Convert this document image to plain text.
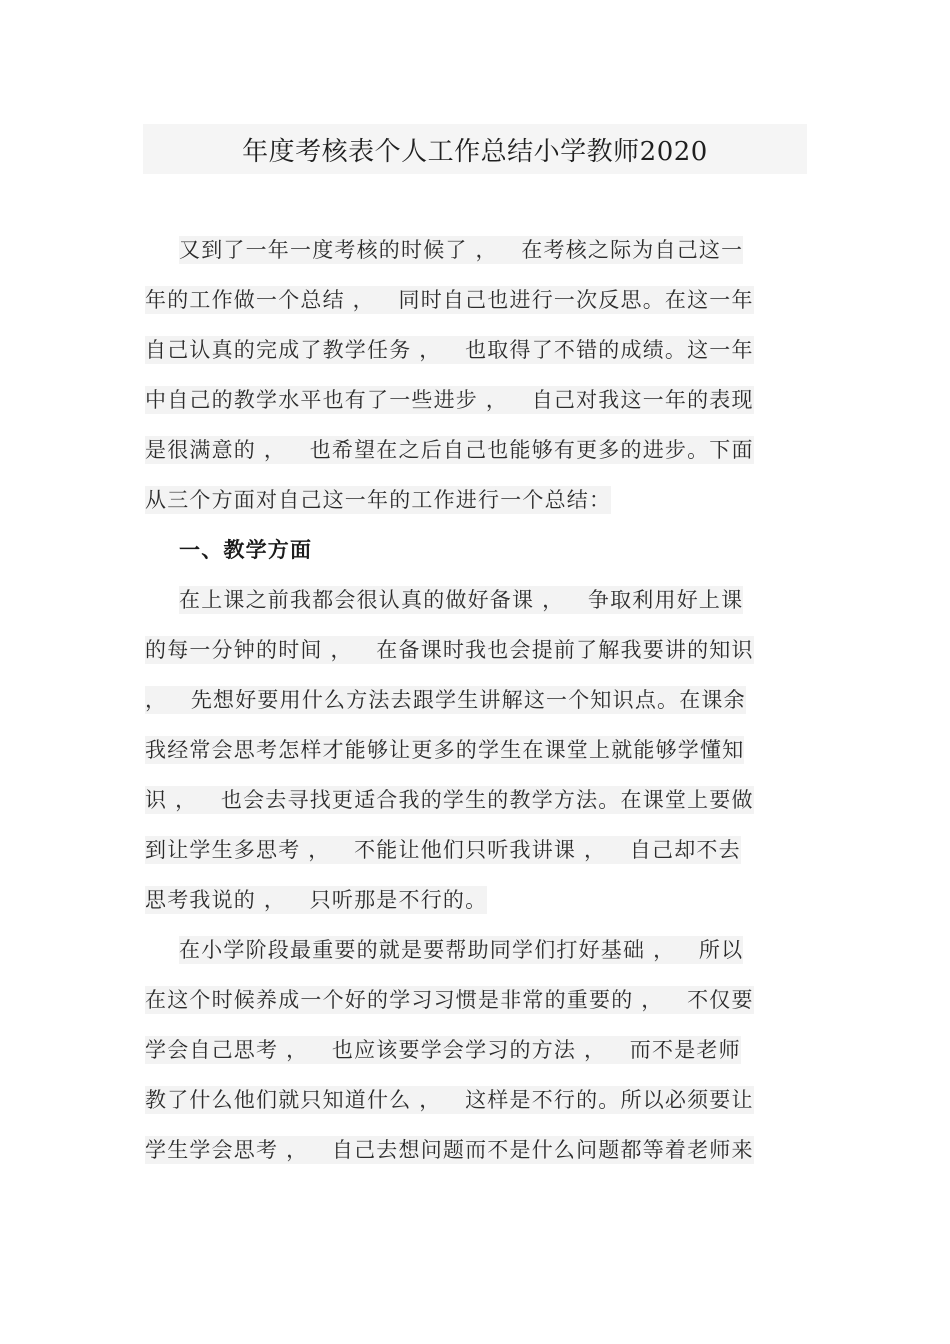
年度考核表个人工作总结小学教师2020
又到了一年一度考核的时候了 ，   在考核之际为自己这一
年的工作做一个总结 ，   同时自己也进行一次反思。在这一年
自己认真的完成了教学任务 ，   也取得了不错的成绩。这一年
中自己的教学水平也有了一些进步 ，   自己对我这一年的表现
是很满意的 ，   也希望在之后自己也能够有更多的进步。下面
从三个方面对自己这一年的工作进行一个总结：
一、教学方面
在上课之前我都会很认真的做好备课 ，   争取利用好上课
的每一分钟的时间 ，   在备课时我也会提前了解我要讲的知识
，   先想好要用什么方法去跟学生讲解这一个知识点。在课余
我经常会思考怎样才能够让更多的学生在课堂上就能够学懂知
识 ，   也会去寻找更适合我的学生的教学方法。在课堂上要做
到让学生多思考 ，   不能让他们只听我讲课 ，   自己却不去
思考我说的 ，   只听那是不行的。
在小学阶段最重要的就是要帮助同学们打好基础 ，   所以
在这个时候养成一个好的学习习惯是非常的重要的 ，   不仅要
学会自己思考 ，   也应该要学会学习的方法 ，   而不是老师
教了什么他们就只知道什么 ，   这样是不行的。所以必须要让
学生学会思考 ，   自己去想问题而不是什么问题都等着老师来
